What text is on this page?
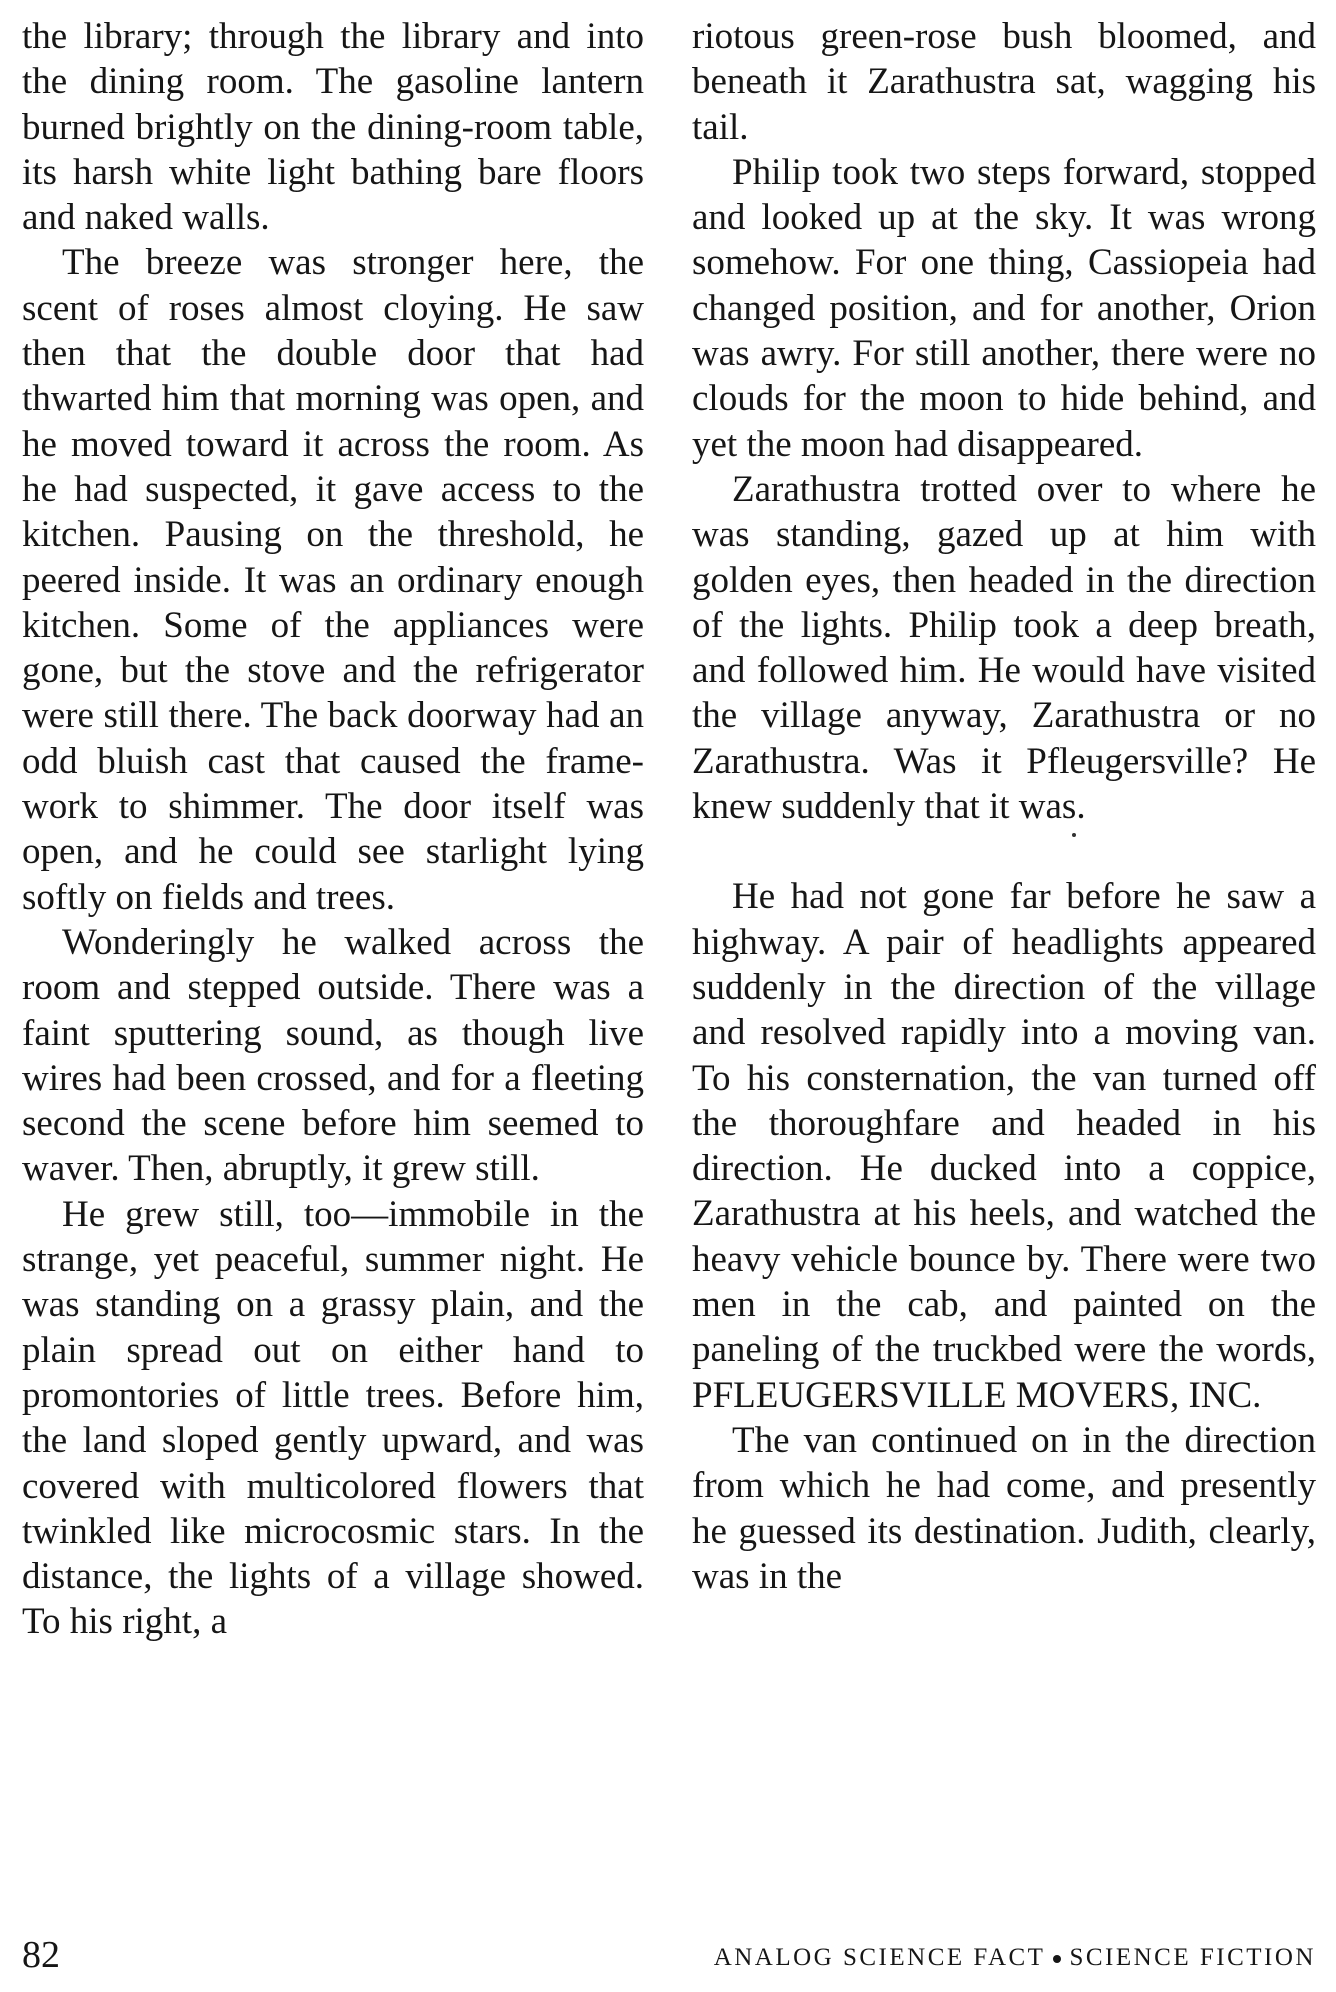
the library; through the library and into the dining room. The gasoline lantern burned brightly on the dining-room table, its harsh white light bathing bare floors and naked walls.

The breeze was stronger here, the scent of roses almost cloying. He saw then that the double door that had thwarted him that morning was open, and he moved toward it across the room. As he had suspected, it gave access to the kitchen. Pausing on the threshold, he peered inside. It was an ordinary enough kitchen. Some of the appliances were gone, but the stove and the refrigerator were still there. The back doorway had an odd bluish cast that caused the framework to shimmer. The door itself was open, and he could see starlight lying softly on fields and trees.

Wonderingly he walked across the room and stepped outside. There was a faint sputtering sound, as though live wires had been crossed, and for a fleeting second the scene before him seemed to waver. Then, abruptly, it grew still.

He grew still, too—immobile in the strange, yet peaceful, summer night. He was standing on a grassy plain, and the plain spread out on either hand to promontories of little trees. Before him, the land sloped gently upward, and was covered with multicolored flowers that twinkled like microcosmic stars. In the distance, the lights of a village showed. To his right, a

riotous green-rose bush bloomed, and beneath it Zarathustra sat, wagging his tail.

Philip took two steps forward, stopped and looked up at the sky. It was wrong somehow. For one thing, Cassiopeia had changed position, and for another, Orion was awry. For still another, there were no clouds for the moon to hide behind, and yet the moon had disappeared.

Zarathustra trotted over to where he was standing, gazed up at him with golden eyes, then headed in the direction of the lights. Philip took a deep breath, and followed him. He would have visited the village anyway, Zarathustra or no Zarathustra. Was it Pfleugersville? He knew suddenly that it was.

He had not gone far before he saw a highway. A pair of headlights appeared suddenly in the direction of the village and resolved rapidly into a moving van. To his consternation, the van turned off the thoroughfare and headed in his direction. He ducked into a coppice, Zarathustra at his heels, and watched the heavy vehicle bounce by. There were two men in the cab, and painted on the paneling of the truckbed were the words, PFLEUGERSVILLE MOVERS, INC.

The van continued on in the direction from which he had come, and presently he guessed its destination. Judith, clearly, was in the

82	ANALOG SCIENCE FACT SCIENCE FICTION
